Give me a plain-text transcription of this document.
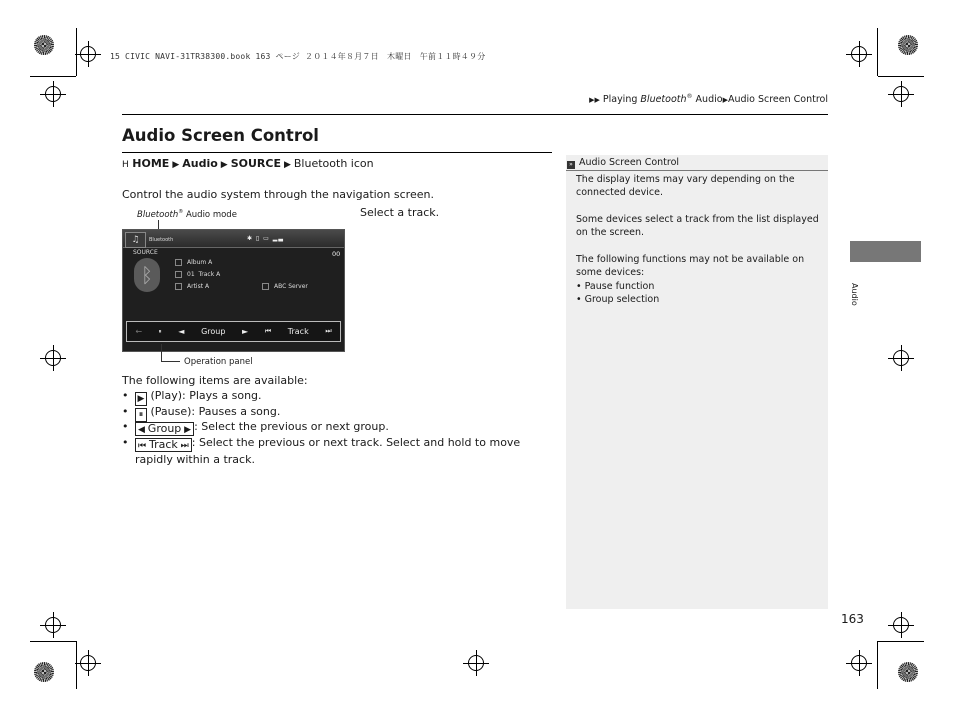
15 CIVIC NAVI-31TR38300.book 163 ページ ２０１４年８月７日　木曜日　午前１１時４９分
▶▶ Playing Bluetooth® Audio▶Audio Screen Control
Audio Screen Control
H HOME ▶ Audio ▶ SOURCE ▶ Bluetooth icon
Control the audio system through the navigation screen.
Select a track.
Bluetooth® Audio mode
♫	Bluetooth	✱ ▯ ▭ ▂▃
SOURCE
ᛒ
00
Album A
01 Track A
Artist A	ABC Server
←	⏸ ◄ Group ► ⏮ Track ⏭
Operation panel
The following items are available:
• ▶ (Play): Plays a song.
•	⏸ (Pause): Pauses a song.
•	◀ Group ▶ : Select the previous or next group.
•	⏮ Track ⏭ : Select the previous or next track. Select and hold to move rapidly within a track.
» Audio Screen Control
The display items may vary depending on the connected device.
Some devices select a track from the list displayed on the screen.
The following functions may not be available on some devices:
• Pause function
• Group selection	Audio
163
